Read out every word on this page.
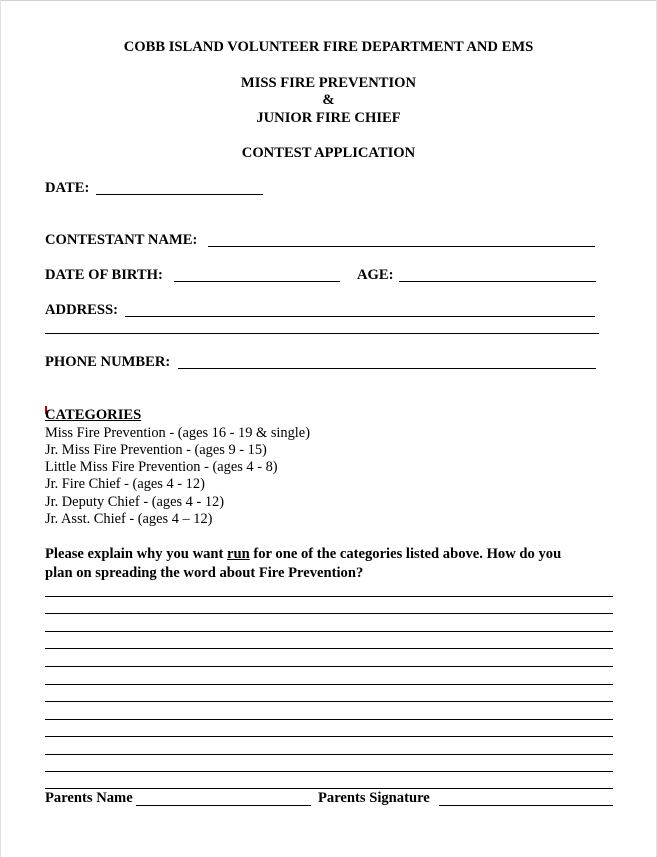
COBB ISLAND VOLUNTEER FIRE DEPARTMENT AND EMS
MISS FIRE PREVENTION
&
JUNIOR FIRE CHIEF
CONTEST APPLICATION
DATE:
CONTESTANT NAME:
DATE OF BIRTH:	AGE:
ADDRESS:
PHONE NUMBER:
CATEGORIES
Miss Fire Prevention - (ages 16 - 19 & single)
Jr. Miss Fire Prevention - (ages 9 - 15)
Little Miss Fire Prevention - (ages 4 - 8)
Jr. Fire Chief - (ages 4 - 12)
Jr. Deputy Chief - (ages 4 - 12)
Jr. Asst. Chief - (ages 4 – 12)
Please explain why you want run for one of the categories listed above. How do you
plan on spreading the word about Fire Prevention?
Parents Name	Parents Signature
